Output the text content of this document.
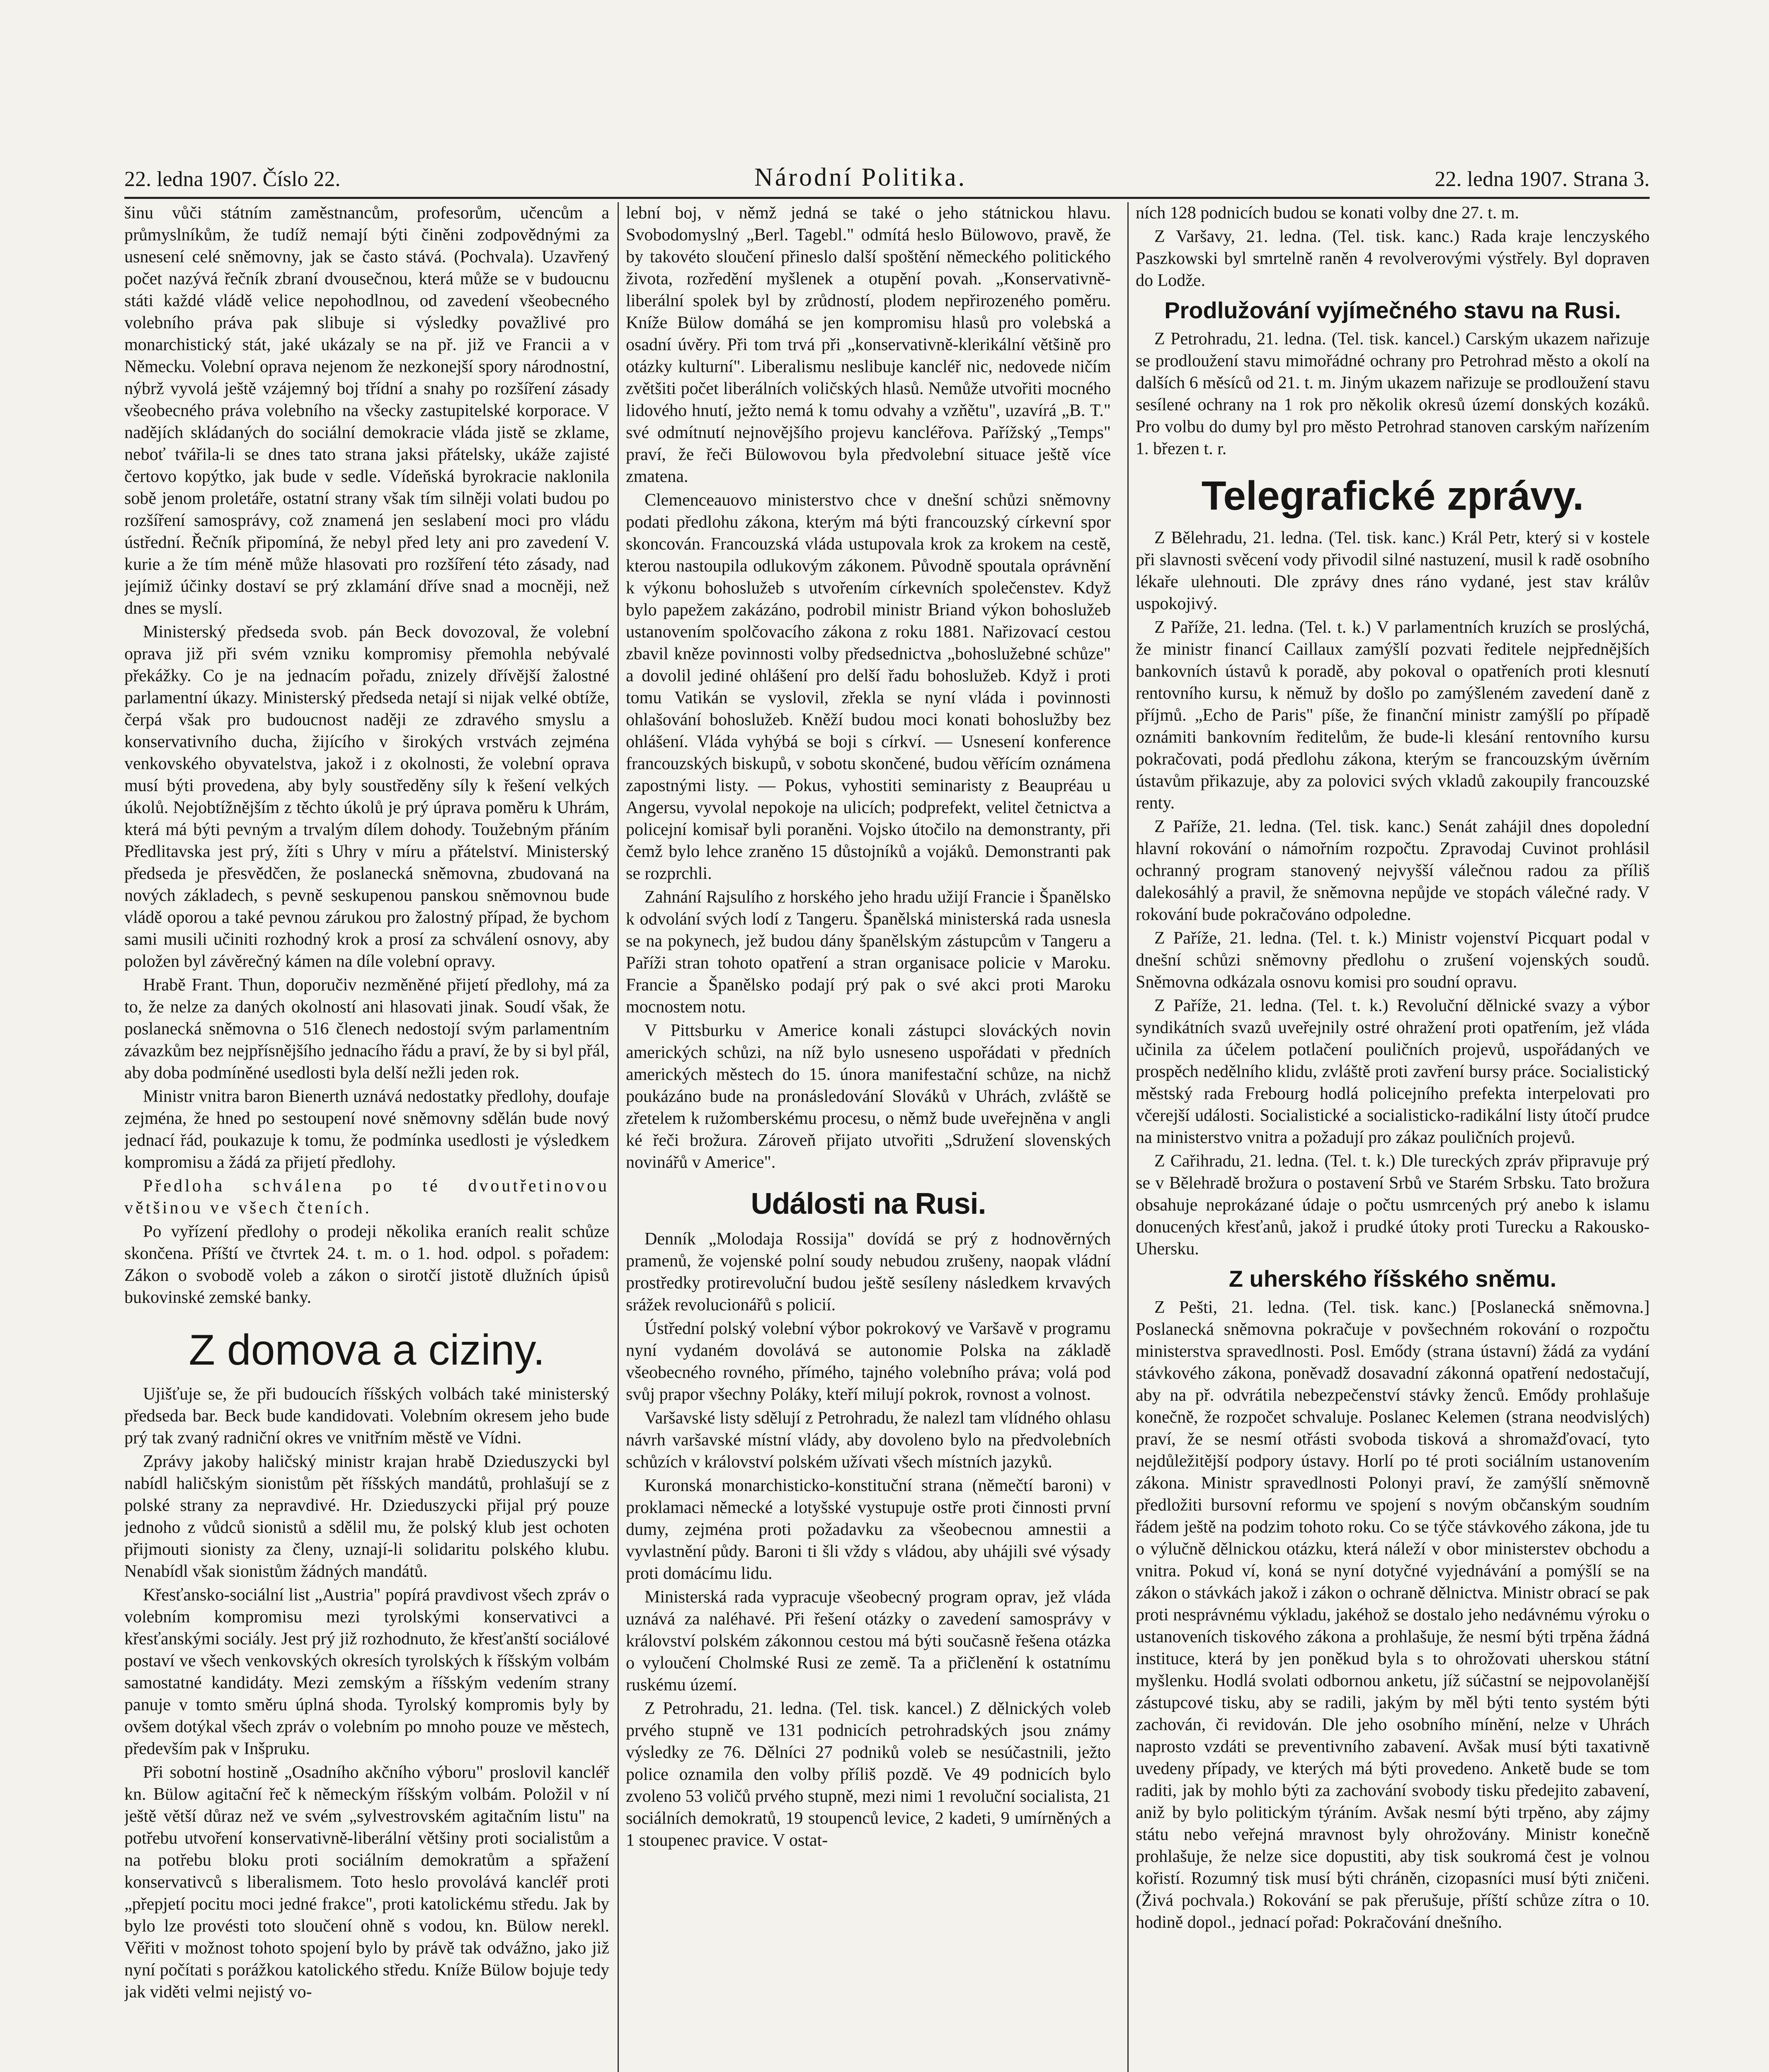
22. ledna 1907. Číslo 22.	Národní Politika.	22. ledna 1907. Strana 3.

šinu vůči státním zaměstnancům, profesorům, učencům a průmyslníkům, že tudíž nemají býti činěni zodpovědnými za usnesení celé sněmovny, jak se často stává. (Pochvala). Uzavřený počet nazývá řečník zbraní dvousečnou, která může se v budoucnu státi každé vládě velice nepohodlnou, od zavedení všeobecného volebního práva pak slibuje si výsledky považlivé pro monarchistický stát, jaké ukázaly se na př. již ve Francii a v Německu. Volební oprava nejenom že nezkonejší spory národnostní, nýbrž vyvolá ještě vzájemný boj třídní a snahy po rozšíření zásady všeobecného práva volebního na všecky zastupitelské korporace. V nadějích skládaných do sociální demokracie vláda jistě se zklame, neboť tvářila-li se dnes tato strana jaksi přátelsky, ukáže zajisté čertovo kopýtko, jak bude v sedle. Vídeňská byrokracie naklonila sobě jenom proletáře, ostatní strany však tím silněji volati budou po rozšíření samosprávy, což znamená jen seslabení moci pro vládu ústřední. Řečník připomíná, že nebyl před lety ani pro zavedení V. kurie a že tím méně může hlasovati pro rozšíření této zásady, nad jejímiž účinky dostaví se prý zklamání dříve snad a mocněji, než dnes se myslí.

Ministerský předseda svob. pán Beck dovozoval, že volební oprava již při svém vzniku kompromisy přemohla nebývalé překážky. Co je na jednacím pořadu, znizely dřívější žalostné parlamentní úkazy. Ministerský předseda netají si nijak velké obtíže, čerpá však pro budoucnost naději ze zdravého smyslu a konservativního ducha, žijícího v širokých vrstvách zejména venkovského obyvatelstva, jakož i z okolnosti, že volební oprava musí býti provedena, aby byly soustředěny síly k řešení velkých úkolů. Nejobtížnějším z těchto úkolů je prý úprava poměru k Uhrám, která má býti pevným a trvalým dílem dohody. Toužebným přáním Předlitavska jest prý, žíti s Uhry v míru a přátelství. Ministerský předseda je přesvědčen, že poslanecká sněmovna, zbudovaná na nových základech, s pevně seskupenou panskou sněmovnou bude vládě oporou a také pevnou zárukou pro žalostný případ, že bychom sami musili učiniti rozhodný krok a prosí za schválení osnovy, aby položen byl závěrečný kámen na díle volební opravy.

Hrabě Frant. Thun, doporučiv nezměněné přijetí předlohy, má za to, že nelze za daných okolností ani hlasovati jinak. Soudí však, že poslanecká sněmovna o 516 členech nedostojí svým parlamentním závazkům bez nejpřísnějšího jednacího řádu a praví, že by si byl přál, aby doba podmíněné usedlosti byla delší nežli jeden rok.

Ministr vnitra baron Bienerth uznává nedostatky předlohy, doufaje zejména, že hned po sestoupení nové sněmovny sdělán bude nový jednací řád, poukazuje k tomu, že podmínka usedlosti je výsledkem kompromisu a žádá za přijetí předlohy.

Předloha schválena po té dvoutřetinovou většinou ve všech čteních.

Po vyřízení předlohy o prodeji několika eraních realit schůze skončena. Příští ve čtvrtek 24. t. m. o 1. hod. odpol. s pořadem: Zákon o svobodě voleb a zákon o sirotčí jistotě dlužních úpisů bukovinské zemské banky.

Z domova a ciziny.

Ujišťuje se, že při budoucích říšských volbách také ministerský předseda bar. Beck bude kandidovati. Volebním okresem jeho bude prý tak zvaný radniční okres ve vnitřním městě ve Vídni.

Zprávy jakoby haličský ministr krajan hrabě Dzieduszycki byl nabídl haličským sionistům pět říšských mandátů, prohlašují se z polské strany za nepravdivé. Hr. Dzieduszycki přijal prý pouze jednoho z vůdců sionistů a sdělil mu, že polský klub jest ochoten přijmouti sionisty za členy, uznají-li solidaritu polského klubu. Nenabídl však sionistům žádných mandátů.

Křesťansko-sociální list „Austria" popírá pravdivost všech zpráv o volebním kompromisu mezi tyrolskými konservativci a křesťanskými sociály. Jest prý již rozhodnuto, že křesťanští sociálové postaví ve všech venkovských okresích tyrolských k říšským volbám samostatné kandidáty. Mezi zemským a říšským vedením strany panuje v tomto směru úplná shoda. Tyrolský kompromis byly by ovšem dotýkal všech zpráv o volebním po mnoho pouze ve městech, především pak v Inšpruku.

Při sobotní hostině „Osadního akčního výboru" proslovil kancléř kn. Bülow agitační řeč k německým říšským volbám. Položil v ní ještě větší důraz než ve svém „sylvestrovském agitačním listu" na potřebu utvoření konservativně-liberální většiny proti socialistům a na potřebu bloku proti sociálním demokratům a spřažení konservativců s liberalismem. Toto heslo provolává kancléř proti „přepjetí pocitu moci jedné frakce", proti katolickému středu. Jak by bylo lze provésti toto sloučení ohně s vodou, kn. Bülow nerekl. Věřiti v možnost tohoto spojení bylo by právě tak odvážno, jako již nyní počítati s porážkou katolického středu. Kníže Bülow bojuje tedy jak viděti velmi nejistý vo-

lební boj, v němž jedná se také o jeho státnickou hlavu. Svobodomyslný „Berl. Tagebl." odmítá heslo Bülowovo, pravě, že by takovéto sloučení přineslo další spoštění německého politického života, rozředění myšlenek a otupění povah. „Konservativně-liberální spolek byl by zrůdností, plodem nepřirozeného poměru. Kníže Bülow domáhá se jen kompromisu hlasů pro volebská a osadní úvěry. Při tom trvá při „konservativně-klerikální většině pro otázky kulturní". Liberalismu neslibuje kancléř nic, nedovede ničím zvětšiti počet liberálních voličských hlasů. Nemůže utvořiti mocného lidového hnutí, ježto nemá k tomu odvahy a vzňětu", uzavírá „B. T." své odmítnutí nejnovějšího projevu kancléřova. Pařížský „Temps" praví, že řeči Bülowovou byla předvolební situace ještě více zmatena.

Clemenceauovo ministerstvo chce v dnešní schůzi sněmovny podati předlohu zákona, kterým má býti francouzský církevní spor skoncován. Francouzská vláda ustupovala krok za krokem na cestě, kterou nastoupila odlukovým zákonem. Původně spoutala oprávnění k výkonu bohoslužeb s utvořením církevních společenstev. Když bylo papežem zakázáno, podrobil ministr Briand výkon bohoslužeb ustanovením spolčovacího zákona z roku 1881. Nařizovací cestou zbavil kněze povinnosti volby předsednictva „bohoslužebné schůze" a dovolil jediné ohlášení pro delší řadu bohoslužeb. Když i proti tomu Vatikán se vyslovil, zřekla se nyní vláda i povinnosti ohlašování bohoslužeb. Kněží budou moci konati bohoslužby bez ohlášení. Vláda vyhýbá se boji s církví. — Usnesení konference francouzských biskupů, v sobotu skončené, budou věřícím oznámena zapostnými listy. — Pokus, vyhostiti seminaristy z Beaupréau u Angersu, vyvolal nepokoje na ulicích; podprefekt, velitel četnictva a policejní komisař byli poraněni. Vojsko útočilo na demonstranty, při čemž bylo lehce zraněno 15 důstojníků a vojáků. Demonstranti pak se rozprchli.

Zahnání Rajsulího z horského jeho hradu užijí Francie i Španělsko k odvolání svých lodí z Tangeru. Španělská ministerská rada usnesla se na pokynech, jež budou dány španělským zástupcům v Tangeru a Paříži stran tohoto opatření a stran organisace policie v Maroku. Francie a Španělsko podají prý pak o své akci proti Maroku mocnostem notu.

V Pittsburku v Americe konali zástupci slováckých novin amerických schůzi, na níž bylo usneseno uspořádati v předních amerických městech do 15. února manifestační schůze, na nichž poukázáno bude na pronásledování Slováků v Uhrách, zvláště se zřetelem k ružomberskému procesu, o němž bude uveřejněna v angli ké řeči brožura. Zároveň přijato utvořiti „Sdružení slovenských novinářů v Americe".

Události na Rusi.

Denník „Molodaja Rossija" dovídá se prý z hodnověrných pramenů, že vojenské polní soudy nebudou zrušeny, naopak vládní prostředky protirevoluční budou ještě sesíleny následkem krvavých srážek revolucionářů s policií.

Ústřední polský volební výbor pokrokový ve Varšavě v programu nyní vydaném dovolává se autonomie Polska na základě všeobecného rovného, přímého, tajného volebního práva; volá pod svůj prapor všechny Poláky, kteří milují pokrok, rovnost a volnost.

Varšavské listy sdělují z Petrohradu, že nalezl tam vlídného ohlasu návrh varšavské místní vlády, aby dovoleno bylo na předvolebních schůzích v království polském užívati všech místních jazyků.

Kuronská monarchisticko-konstituční strana (němečtí baroni) v proklamaci německé a lotyšské vystupuje ostře proti činnosti první dumy, zejména proti požadavku za všeobecnou amnestii a vyvlastnění půdy. Baroni ti šli vždy s vládou, aby uhájili své výsady proti domácímu lidu.

Ministerská rada vypracuje všeobecný program oprav, jež vláda uznává za naléhavé. Při řešení otázky o zavedení samosprávy v království polském zákonnou cestou má býti současně řešena otázka o vyloučení Cholmské Rusi ze země. Ta a přičlenění k ostatnímu ruskému území.

Z Petrohradu, 21. ledna. (Tel. tisk. kancel.) Z dělnických voleb prvého stupně ve 131 podnicích petrohradských jsou známy výsledky ze 76. Dělníci 27 podniků voleb se nesúčastnili, ježto police oznamila den volby příliš pozdě. Ve 49 podnicích bylo zvoleno 53 voličů prvého stupně, mezi nimi 1 revoluční socialista, 21 sociálních demokratů, 19 stoupenců levice, 2 kadeti, 9 umírněných a 1 stoupenec pravice. V ostat-

ních 128 podnicích budou se konati volby dne 27. t. m.

Z Varšavy, 21. ledna. (Tel. tisk. kanc.) Rada kraje lenczyského Paszkowski byl smrtelně raněn 4 revolverovými výstřely. Byl dopraven do Lodže.

Prodlužování vyjímečného stavu na Rusi.

Z Petrohradu, 21. ledna. (Tel. tisk. kancel.) Carským ukazem nařizuje se prodloužení stavu mimořádné ochrany pro Petrohrad město a okolí na dalších 6 měsíců od 21. t. m. Jiným ukazem nařizuje se prodloužení stavu sesílené ochrany na 1 rok pro několik okresů území donských kozáků. Pro volbu do dumy byl pro město Petrohrad stanoven carským nařízením 1. březen t. r.

Telegrafické zprávy.

Z Bělehradu, 21. ledna. (Tel. tisk. kanc.) Král Petr, který si v kostele při slavnosti svěcení vody přivodil silné nastuzení, musil k radě osobního lékaře ulehnouti. Dle zprávy dnes ráno vydané, jest stav králův uspokojivý.

Z Paříže, 21. ledna. (Tel. t. k.) V parlamentních kruzích se proslýchá, že ministr financí Caillaux zamýšlí pozvati ředitele nejpřednějších bankovních ústavů k poradě, aby pokoval o opatřeních proti klesnutí rentovního kursu, k němuž by došlo po zamýšleném zavedení daně z příjmů. „Echo de Paris" píše, že finanční ministr zamýšlí po případě oznámiti bankovním ředitelům, že bude-li klesání rentovního kursu pokračovati, podá předlohu zákona, kterým se francouzským úvěrním ústavům přikazuje, aby za polovici svých vkladů zakoupily francouzské renty.

Z Paříže, 21. ledna. (Tel. tisk. kanc.) Senát zahájil dnes dopolední hlavní rokování o námořním rozpočtu. Zpravodaj Cuvinot prohlásil ochranný program stanovený nejvyšší válečnou radou za příliš dalekosáhlý a pravil, že sněmovna nepůjde ve stopách válečné rady. V rokování bude pokračováno odpoledne.

Z Paříže, 21. ledna. (Tel. t. k.) Ministr vojenství Picquart podal v dnešní schůzi sněmovny předlohu o zrušení vojenských soudů. Sněmovna odkázala osnovu komisi pro soudní opravu.

Z Paříže, 21. ledna. (Tel. t. k.) Revoluční dělnické svazy a výbor syndikátních svazů uveřejnily ostré ohražení proti opatřením, jež vláda učinila za účelem potlačení pouličních projevů, uspořádaných ve prospěch nedělního klidu, zvláště proti zavření bursy práce. Socialistický městský rada Frebourg hodlá policejního prefekta interpelovati pro včerejší události. Socialistické a socialisticko-radikální listy útočí prudce na ministerstvo vnitra a požadují pro zákaz pouličních projevů.

Z Cařihradu, 21. ledna. (Tel. t. k.) Dle tureckých zpráv připravuje prý se v Bělehradě brožura o postavení Srbů ve Starém Srbsku. Tato brožura obsahuje neprokázané údaje o počtu usmrcených prý anebo k islamu donucených křesťanů, jakož i prudké útoky proti Turecku a Rakousko-Uhersku.

Z uherského říšského sněmu.

Z Pešti, 21. ledna. (Tel. tisk. kanc.) [Poslanecká sněmovna.] Poslanecká sněmovna pokračuje v povšechném rokování o rozpočtu ministerstva spravedlnosti. Posl. Emődy (strana ústavní) žádá za vydání stávkového zákona, poněvadž dosavadní zákonná opatření nedostačují, aby na př. odvrátila nebezpečenství stávky ženců. Emődy prohlašuje konečně, že rozpočet schvaluje. Poslanec Kelemen (strana neodvislých) praví, že se nesmí otřásti svoboda tisková a shromažďovací, tyto nejdůležitější podpory ústavy. Horlí po té proti sociálním ustanovením zákona. Ministr spravedlnosti Polonyi praví, že zamýšlí sněmovně předložiti bursovní reformu ve spojení s novým občanským soudním řádem ještě na podzim tohoto roku. Co se týče stávkového zákona, jde tu o výlučně dělnickou otázku, která náleží v obor ministerstev obchodu a vnitra. Pokud ví, koná se nyní dotyčné vyjednávání a pomýšlí se na zákon o stávkách jakož i zákon o ochraně dělnictva. Ministr obrací se pak proti nesprávnému výkladu, jakéhož se dostalo jeho nedávnému výroku o ustanoveních tiskového zákona a prohlašuje, že nesmí býti trpěna žádná instituce, která by jen poněkud byla s to ohrožovati uherskou státní myšlenku. Hodlá svolati odbornou anketu, jíž súčastní se nejpovolanější zástupcové tisku, aby se radili, jakým by měl býti tento systém býti zachován, či revidován. Dle jeho osobního mínění, nelze v Uhrách naprosto vzdáti se preventivního zabavení. Avšak musí býti taxativně uvedeny případy, ve kterých má býti provedeno. Anketě bude se tom raditi, jak by mohlo býti za zachování svobody tisku předejito zabavení, aniž by bylo politickým týráním. Avšak nesmí býti trpěno, aby zájmy státu nebo veřejná mravnost byly ohrožovány. Ministr konečně prohlašuje, že nelze sice dopustiti, aby tisk soukromá čest je volnou kořistí. Rozumný tisk musí býti chráněn, cizopasníci musí býti zničeni. (Živá pochvala.) Rokování se pak přerušuje, příští schůze zítra o 10. hodině dopol., jednací pořad: Pokračování dnešního.
